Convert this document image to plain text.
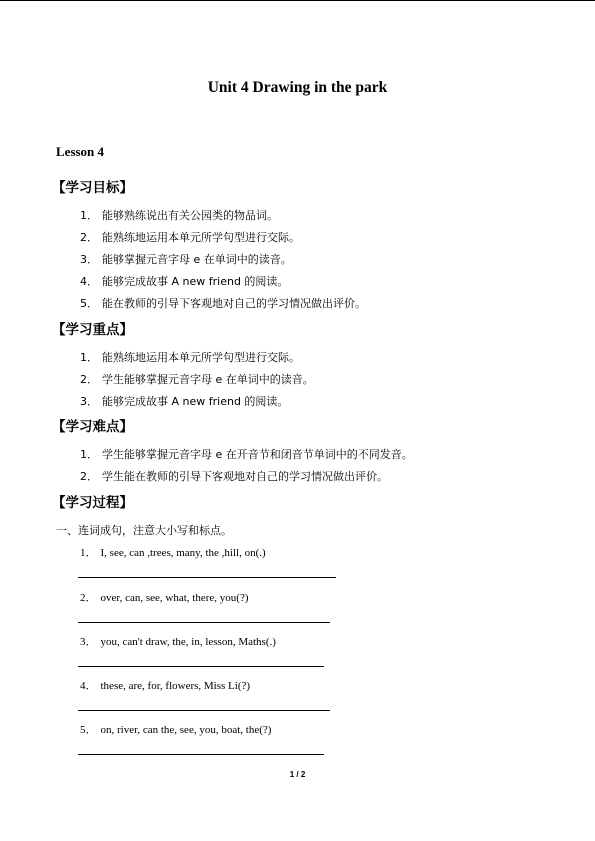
Unit 4 Drawing in the park
Lesson 4
【学习目标】
1． 能够熟练说出有关公园类的物品词。
2． 能熟练地运用本单元所学句型进行交际。
3． 能够掌握元音字母 e 在单词中的读音。
4． 能够完成故事 A new friend 的阅读。
5． 能在教师的引导下客观地对自己的学习情况做出评价。
【学习重点】
1． 能熟练地运用本单元所学句型进行交际。
2． 学生能够掌握元音字母 e 在单词中的读音。
3． 能够完成故事 A new friend 的阅读。
【学习难点】
1． 学生能够掌握元音字母 e 在开音节和闭音节单词中的不同发音。
2． 学生能在教师的引导下客观地对自己的学习情况做出评价。
【学习过程】
一、连词成句，注意大小写和标点。
1． I, see, can ,trees, many, the ,hill, on(.)
2． over, can, see, what, there, you(?)
3． you, can't draw, the, in, lesson, Maths(.)
4． these, are, for, flowers, Miss Li(?)
5． on, river, can the, see, you, boat, the(?)
1 / 2
